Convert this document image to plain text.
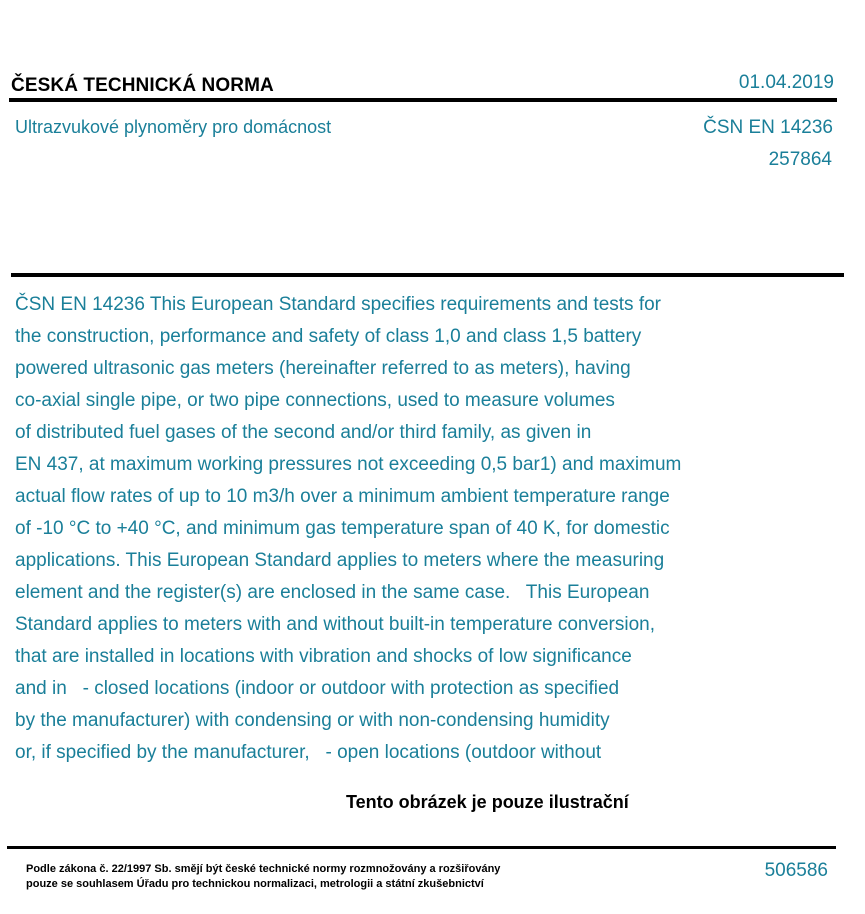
ČESKÁ TECHNICKÁ NORMA	01.04.2019
Ultrazvukové plynoměry pro domácnost	ČSN EN 14236
257864

ČSN EN 14236 This European Standard specifies requirements and tests for
the construction, performance and safety of class 1,0 and class 1,5 battery
powered ultrasonic gas meters (hereinafter referred to as meters), having
co-axial single pipe, or two pipe connections, used to measure volumes
of distributed fuel gases of the second and/or third family, as given in
EN 437, at maximum working pressures not exceeding 0,5 bar1) and maximum
actual flow rates of up to 10 m3/h over a minimum ambient temperature range
of -10 °C to +40 °C, and minimum gas temperature span of 40 K, for domestic
applications. This European Standard applies to meters where the measuring
element and the register(s) are enclosed in the same case.   This European
Standard applies to meters with and without built-in temperature conversion,
that are installed in locations with vibration and shocks of low significance
and in   - closed locations (indoor or outdoor with protection as specified
by the manufacturer) with condensing or with non-condensing humidity
or, if specified by the manufacturer,   - open locations (outdoor without

Tento obrázek je pouze ilustrační
Podle zákona č. 22/1997 Sb. smějí být české technické normy rozmnožovány a rozšiřovány
pouze se souhlasem Úřadu pro technickou normalizaci, metrologii a státní zkušebnictví
506586
